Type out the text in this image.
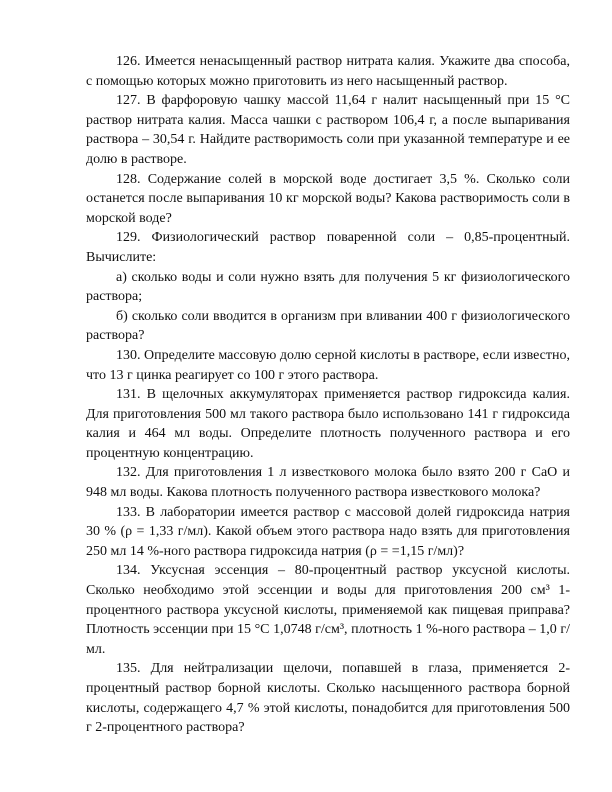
126. Имеется ненасыщенный раствор нитрата калия. Укажите два способа, с помощью которых можно приготовить из него насыщенный раствор.

127. В фарфоровую чашку массой 11,64 г налит насыщенный при 15 °С раствор нитрата калия. Масса чашки с раствором 106,4 г, а после выпаривания раствора – 30,54 г. Найдите растворимость соли при указанной температуре и ее долю в растворе.

128. Содержание солей в морской воде достигает 3,5 %. Сколько соли останется после выпаривания 10 кг морской воды? Какова растворимость соли в морской воде?

129. Физиологический раствор поваренной соли – 0,85-процентный. Вычислите:

а) сколько воды и соли нужно взять для получения 5 кг физиологического раствора;

б) сколько соли вводится в организм при вливании 400 г физиологического раствора?

130. Определите массовую долю серной кислоты в растворе, если известно, что 13 г цинка реагирует со 100 г этого раствора.

131. В щелочных аккумуляторах применяется раствор гидроксида калия. Для приготовления 500 мл такого раствора было использовано 141 г гидроксида калия и 464 мл воды. Определите плотность полученного раствора и его процентную концентрацию.

132. Для приготовления 1 л известкового молока было взято 200 г СаО и 948 мл воды. Какова плотность полученного раствора известкового молока?

133. В лаборатории имеется раствор с массовой долей гидроксида натрия 30 % (ρ = 1,33 г/мл). Какой объем этого раствора надо взять для приготовления 250 мл 14 %-ного раствора гидроксида натрия (ρ = =1,15 г/мл)?

134. Уксусная эссенция – 80-процентный раствор уксусной кислоты. Сколько необходимо этой эссенции и воды для приготовления 200 см³ 1-процентного раствора уксусной кислоты, применяемой как пищевая приправа? Плотность эссенции при 15 °С 1,0748 г/см³, плотность 1 %-ного раствора – 1,0 г/мл.

135. Для нейтрализации щелочи, попавшей в глаза, применяется 2-процентный раствор борной кислоты. Сколько насыщенного раствора борной кислоты, содержащего 4,7 % этой кислоты, понадобится для приготовления 500 г 2-процентного раствора?
